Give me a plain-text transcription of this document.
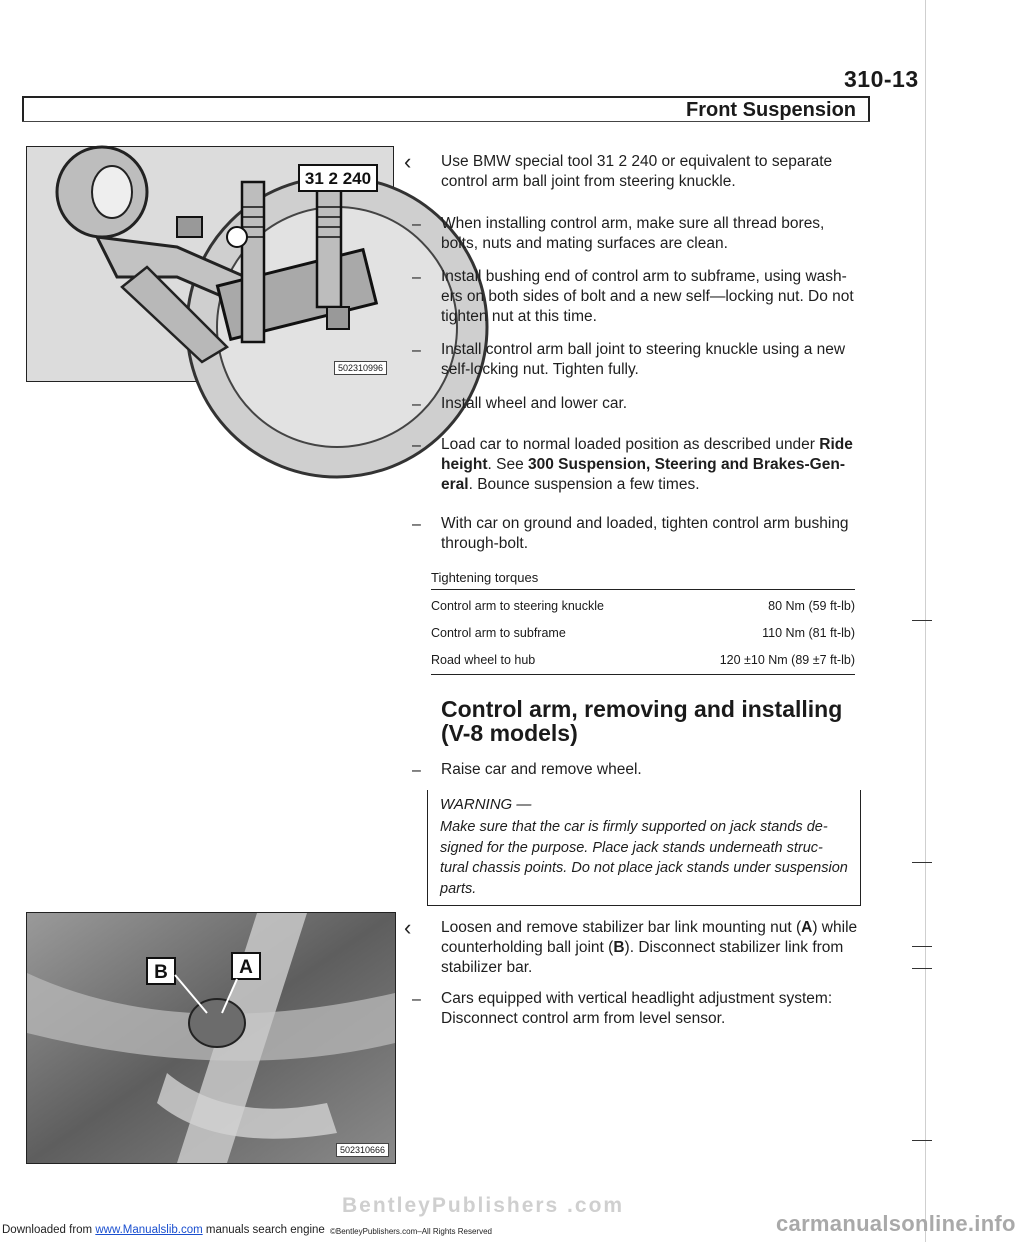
310-13
Front Suspension
31 2 240
502310996
‹ Use BMW special tool 31 2 240 or equivalent to separate control arm ball joint from steering knuckle.
– When installing control arm, make sure all thread bores, bolts, nuts and mating surfaces are clean.
– Install bushing end of control arm to subframe, using wash- ers on both sides of bolt and a new self—locking nut. Do not tighten nut at this time.
– Install control arm ball joint to steering knuckle using a new self-locking nut. Tighten fully.
– Install wheel and lower car.
– Load car to normal loaded position as described under Ride height. See 300 Suspension, Steering and Brakes-Gen- eral. Bounce suspension a few times.
– With car on ground and loaded, tighten control arm bushing through-bolt.
Tightening torques
Control arm to steering knuckle	80 Nm (59 ft-lb)
Control arm to subframe	110 Nm (81 ft-lb)
Road wheel to hub	120 ±10 Nm (89 ±7 ft-lb)
Control arm, removing and installing
(V-8 models)
– Raise car and remove wheel.
WARNING —
Make sure that the car is firmly supported on jack stands de- signed for the purpose. Place jack stands underneath struc- tural chassis points. Do not place jack stands under suspension parts.
B	A
502310666
‹ Loosen and remove stabilizer bar link mounting nut (A) while counterholding ball joint (B). Disconnect stabilizer link from stabilizer bar.
– Cars equipped with vertical headlight adjustment system: Disconnect control arm from level sensor.
BentleyPublishers .com
Downloaded from www.Manualslib.com manuals search engine ©BentleyPublishers.com–All Rights Reserved	carmanualsonline.info
